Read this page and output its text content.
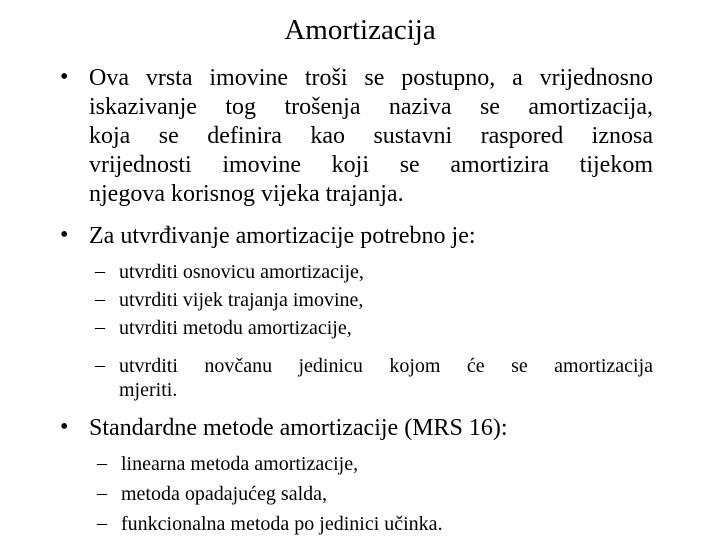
Amortizacija
• Ova vrsta imovine troši se postupno, a vrijednosno
iskazivanje tog trošenja naziva se amortizacija,
koja se definira kao sustavni raspored iznosa
vrijednosti imovine koji se amortizira tijekom
njegova korisnog vijeka trajanja.
• Za utvrđivanje amortizacije potrebno je:
– utvrditi osnovicu amortizacije,
– utvrditi vijek trajanja imovine,
– utvrditi metodu amortizacije,
– utvrditi novčanu jedinicu kojom će se amortizacija
mjeriti.
• Standardne metode amortizacije (MRS 16):
– linearna metoda amortizacije,
– metoda opadajućeg salda,
– funkcionalna metoda po jedinici učinka.
